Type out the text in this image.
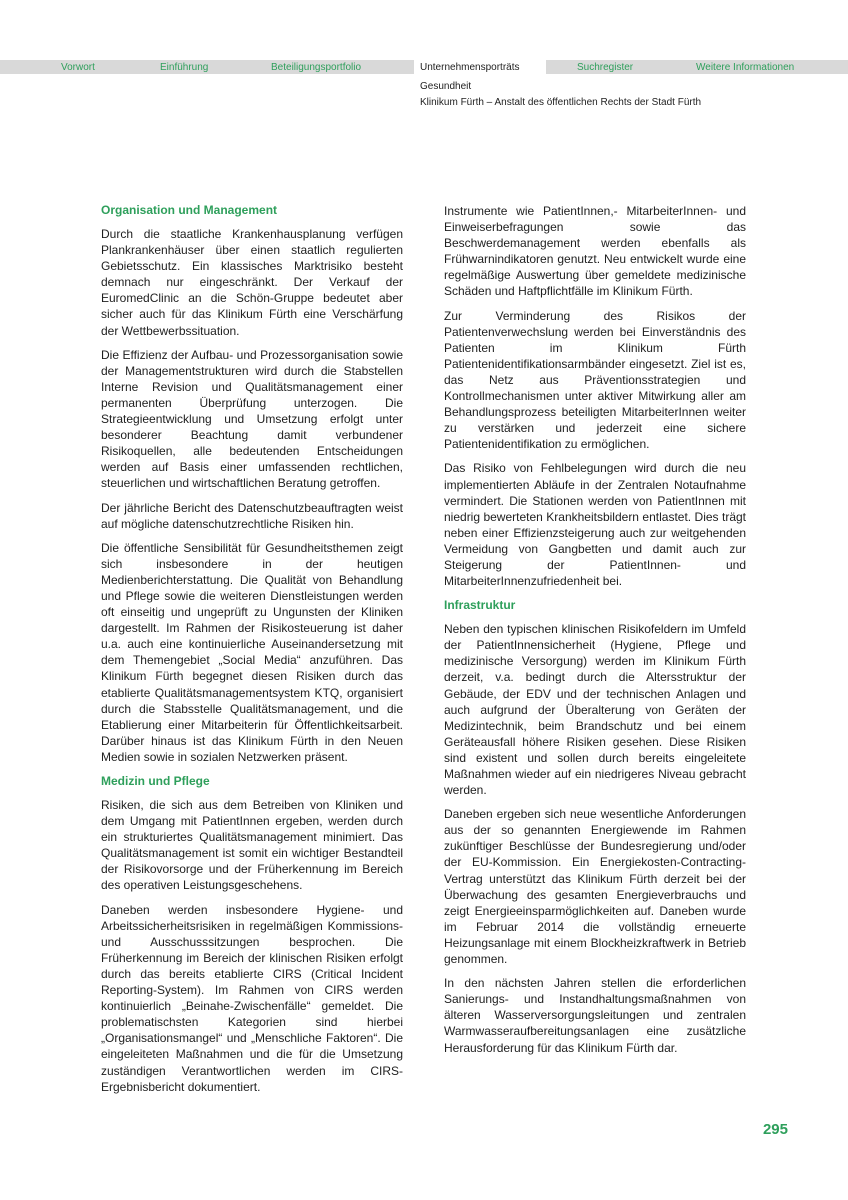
Vorwort	Einführung	Beteiligungsportfolio	Unternehmensporträts	Suchregister	Weitere Informationen
Gesundheit
Klinikum Fürth – Anstalt des öffentlichen Rechts der Stadt Fürth
Organisation und Management

Durch die staatliche Krankenhausplanung verfügen Plankrankenhäuser über einen staatlich regulierten Gebietsschutz. Ein klassisches Marktrisiko besteht demnach nur eingeschränkt. Der Verkauf der EuromedClinic an die Schön-Gruppe bedeutet aber sicher auch für das Klinikum Fürth eine Verschärfung der Wettbewerbssituation.

Die Effizienz der Aufbau- und Prozessorganisation sowie der Managementstrukturen wird durch die Stabstellen Interne Revision und Qualitätsmanagement einer permanenten Überprüfung unterzogen. Die Strategieentwicklung und Umsetzung erfolgt unter besonderer Beachtung damit verbundener Risikoquellen, alle bedeutenden Entscheidungen werden auf Basis einer umfassenden rechtlichen, steuerlichen und wirtschaftlichen Beratung getroffen.

Der jährliche Bericht des Datenschutzbeauftragten weist auf mögliche datenschutzrechtliche Risiken hin.

Die öffentliche Sensibilität für Gesundheitsthemen zeigt sich insbesondere in der heutigen Medienberichterstattung. Die Qualität von Behandlung und Pflege sowie die weiteren Dienstleistungen werden oft einseitig und ungeprüft zu Ungunsten der Kliniken dargestellt. Im Rahmen der Risikosteuerung ist daher u.a. auch eine kontinuierliche Auseinandersetzung mit dem Themengebiet „Social Media“ anzuführen. Das Klinikum Fürth begegnet diesen Risiken durch das etablierte Qualitätsmanagementsystem KTQ, organisiert durch die Stabsstelle Qualitätsmanagement, und die Etablierung einer Mitarbeiterin für Öffentlichkeitsarbeit. Darüber hinaus ist das Klinikum Fürth in den Neuen Medien sowie in sozialen Netzwerken präsent.

Medizin und Pflege

Risiken, die sich aus dem Betreiben von Kliniken und dem Umgang mit PatientInnen ergeben, werden durch ein strukturiertes Qualitätsmanagement minimiert. Das Qualitätsmanagement ist somit ein wichtiger Bestandteil der Risikovorsorge und der Früherkennung im Bereich des operativen Leistungsgeschehens.

Daneben werden insbesondere Hygiene- und Arbeitssicherheitsrisiken in regelmäßigen Kommissions- und Ausschusssitzungen besprochen. Die Früherkennung im Bereich der klinischen Risiken erfolgt durch das bereits etablierte CIRS (Critical Incident Reporting-System). Im Rahmen von CIRS werden kontinuierlich „Beinahe-Zwischenfälle“ gemeldet. Die problematischsten Kategorien sind hierbei „Organisationsmangel“ und „Menschliche Faktoren“. Die eingeleiteten Maßnahmen und die für die Umsetzung zuständigen Verantwortlichen werden im CIRS-Ergebnisbericht dokumentiert.

Instrumente wie PatientInnen,- MitarbeiterInnen- und Einweiserbefragungen sowie das Beschwerdemanagement werden ebenfalls als Frühwarnindikatoren genutzt. Neu entwickelt wurde eine regelmäßige Auswertung über gemeldete medizinische Schäden und Haftpflichtfälle im Klinikum Fürth.

Zur Verminderung des Risikos der Patientenverwechslung werden bei Einverständnis des Patienten im Klinikum Fürth Patientenidentifikationsarmbänder eingesetzt. Ziel ist es, das Netz aus Präventionsstrategien und Kontrollmechanismen unter aktiver Mitwirkung aller am Behandlungsprozess beteiligten MitarbeiterInnen weiter zu verstärken und jederzeit eine sichere Patientenidentifikation zu ermöglichen.

Das Risiko von Fehlbelegungen wird durch die neu implementierten Abläufe in der Zentralen Notaufnahme vermindert. Die Stationen werden von PatientInnen mit niedrig bewerteten Krankheitsbildern entlastet. Dies trägt neben einer Effizienzsteigerung auch zur weitgehenden Vermeidung von Gangbetten und damit auch zur Steigerung der PatientInnen- und MitarbeiterInnenzufriedenheit bei.

Infrastruktur

Neben den typischen klinischen Risikofeldern im Umfeld der PatientInnensicherheit (Hygiene, Pflege und medizinische Versorgung) werden im Klinikum Fürth derzeit, v.a. bedingt durch die Altersstruktur der Gebäude, der EDV und der technischen Anlagen und auch aufgrund der Überalterung von Geräten der Medizintechnik, beim Brandschutz und bei einem Geräteausfall höhere Risiken gesehen. Diese Risiken sind existent und sollen durch bereits eingeleitete Maßnahmen wieder auf ein niedrigeres Niveau gebracht werden.

Daneben ergeben sich neue wesentliche Anforderungen aus der so genannten Energiewende im Rahmen zukünftiger Beschlüsse der Bundesregierung und/oder der EU-Kommission. Ein Energiekosten-Contracting-Vertrag unterstützt das Klinikum Fürth derzeit bei der Überwachung des gesamten Energieverbrauchs und zeigt Energieeinsparmöglichkeiten auf. Daneben wurde im Februar 2014 die vollständig erneuerte Heizungsanlage mit einem Blockheizkraftwerk in Betrieb genommen.

In den nächsten Jahren stellen die erforderlichen Sanierungs- und Instandhaltungsmaßnahmen von älteren Wasserversorgungsleitungen und zentralen Warmwasseraufbereitungsanlagen eine zusätzliche Herausforderung für das Klinikum Fürth dar.

295
